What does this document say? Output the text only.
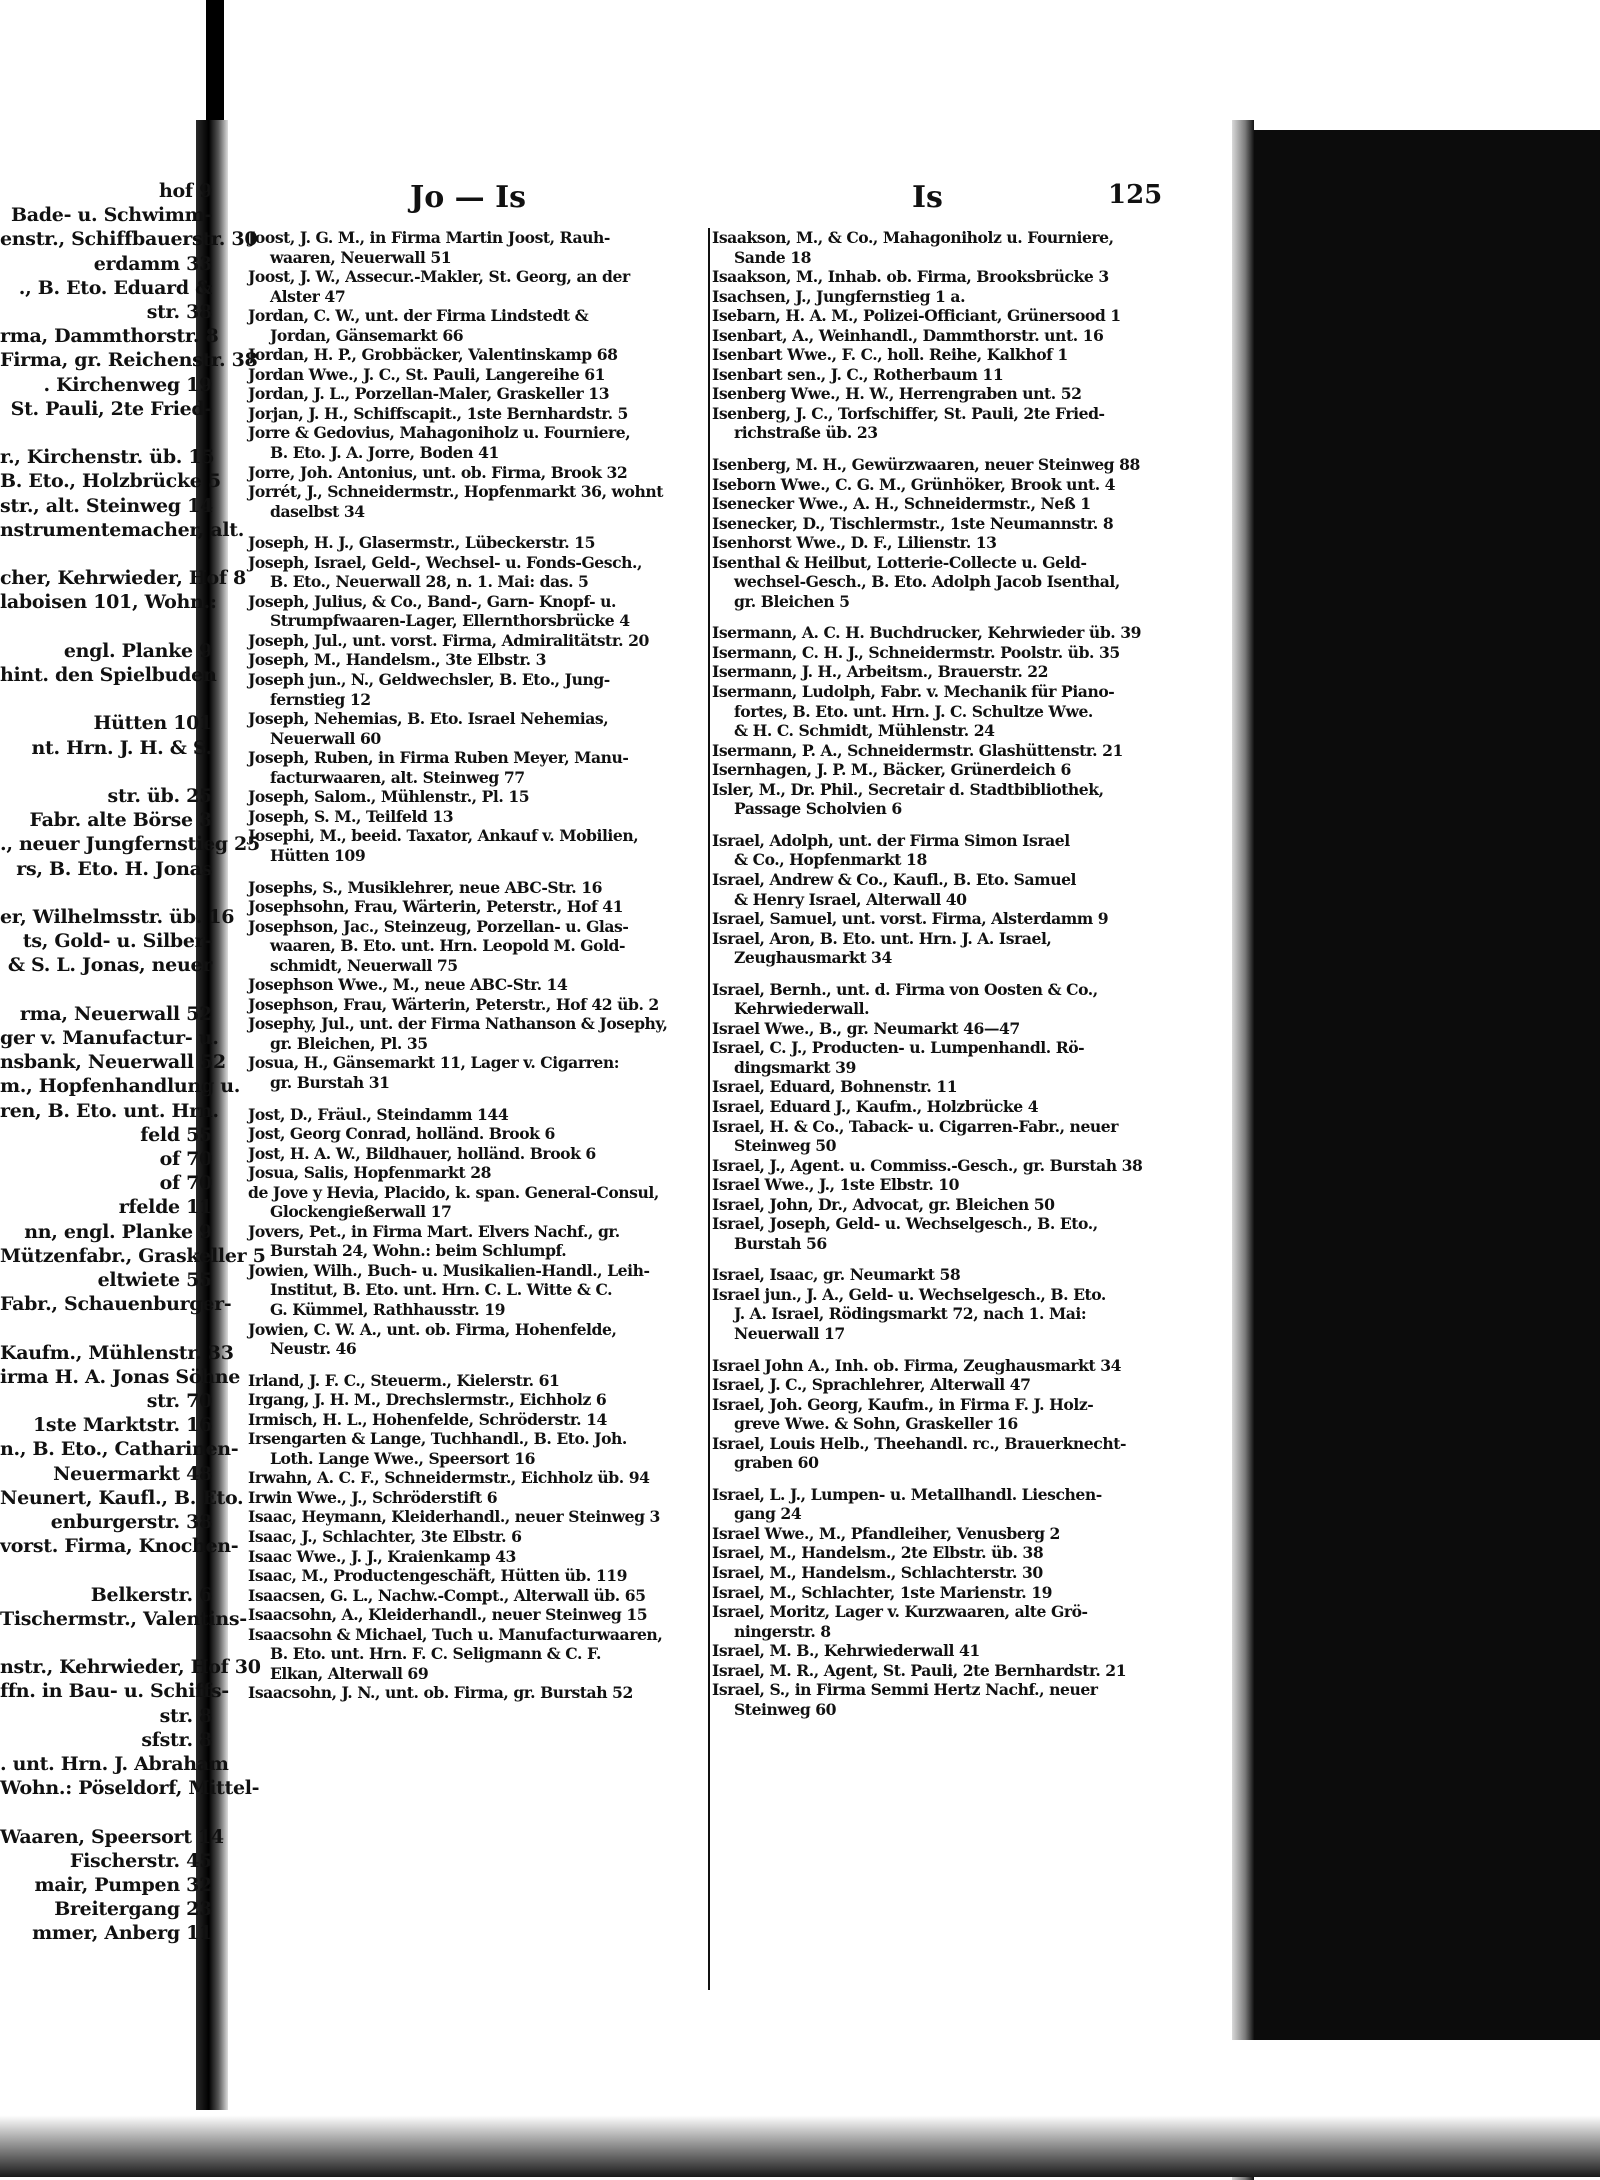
hof 9
Bade- u. Schwimm-
enstr., Schiffbauerstr. 30
erdamm 33
., B. Eto. Eduard &
str. 38
rma, Dammthorstr. 8
Firma, gr. Reichenstr. 38
. Kirchenweg 19
St. Pauli, 2te Fried-
r., Kirchenstr. üb. 15
B. Eto., Holzbrücke 5
str., alt. Steinweg 14
nstrumentemacher, alt.
cher, Kehrwieder, Hof 8
laboisen 101, Wohn.:
engl. Planke 9
hint. den Spielbuden
Hütten 101
nt. Hrn. J. H. & S.
str. üb. 25
Fabr. alte Börse 3
., neuer Jungfernstieg 25
rs, B. Eto. H. Jonas
er, Wilhelmsstr. üb. 16
ts, Gold- u. Silber-
& S. L. Jonas, neuer
rma, Neuerwall 52
ger v. Manufactur- u.
nsbank, Neuerwall 52
m., Hopfenhandlung u.
ren, B. Eto. unt. Hrn.
feld 55
of 70
of 70
rfelde 11
nn, engl. Planke 9
Mützenfabr., Graskeller 5
eltwiete 55
Fabr., Schauenburger-
Kaufm., Mühlenstr. 33
irma H. A. Jonas Söhne
str. 70
1ste Marktstr. 16
n., B. Eto., Catharinen-
Neuermarkt 48
Neunert, Kaufl., B. Eto.
enburgerstr. 38
vorst. Firma, Knochen-
Belkerstr. 6
Tischermstr., Valentins-
nstr., Kehrwieder, Hof 30
ffn. in Bau- u. Schiffs-
str. 8
sfstr. 8
. unt. Hrn. J. Abraham
Wohn.: Pöseldorf, Mittel-
Waaren, Speersort 14
Fischerstr. 45
mair, Pumpen 32
Breitergang 23
mmer, Anberg 11
Jo — Is	Is	125
Joost, J. G. M., in Firma Martin Joost, Rauh-
waaren, Neuerwall 51
Joost, J. W., Assecur.-Makler, St. Georg, an der
Alster 47
Jordan, C. W., unt. der Firma Lindstedt &
Jordan, Gänsemarkt 66
Jordan, H. P., Grobbäcker, Valentinskamp 68
Jordan Wwe., J. C., St. Pauli, Langereihe 61
Jordan, J. L., Porzellan-Maler, Graskeller 13
Jorjan, J. H., Schiffscapit., 1ste Bernhardstr. 5
Jorre & Gedovius, Mahagoniholz u. Fourniere,
B. Eto. J. A. Jorre, Boden 41
Jorre, Joh. Antonius, unt. ob. Firma, Brook 32
Jorrét, J., Schneidermstr., Hopfenmarkt 36, wohnt
daselbst 34
Joseph, H. J., Glasermstr., Lübeckerstr. 15
Joseph, Israel, Geld-, Wechsel- u. Fonds-Gesch.,
B. Eto., Neuerwall 28, n. 1. Mai: das. 5
Joseph, Julius, & Co., Band-, Garn- Knopf- u.
Strumpfwaaren-Lager, Ellernthorsbrücke 4
Joseph, Jul., unt. vorst. Firma, Admiralitätstr. 20
Joseph, M., Handelsm., 3te Elbstr. 3
Joseph jun., N., Geldwechsler, B. Eto., Jung-
fernstieg 12
Joseph, Nehemias, B. Eto. Israel Nehemias,
Neuerwall 60
Joseph, Ruben, in Firma Ruben Meyer, Manu-
facturwaaren, alt. Steinweg 77
Joseph, Salom., Mühlenstr., Pl. 15
Joseph, S. M., Teilfeld 13
Josephi, M., beeid. Taxator, Ankauf v. Mobilien,
Hütten 109
Josephs, S., Musiklehrer, neue ABC-Str. 16
Josephsohn, Frau, Wärterin, Peterstr., Hof 41
Josephson, Jac., Steinzeug, Porzellan- u. Glas-
waaren, B. Eto. unt. Hrn. Leopold M. Gold-
schmidt, Neuerwall 75
Josephson Wwe., M., neue ABC-Str. 14
Josephson, Frau, Wärterin, Peterstr., Hof 42 üb. 2
Josephy, Jul., unt. der Firma Nathanson & Josephy,
gr. Bleichen, Pl. 35
Josua, H., Gänsemarkt 11, Lager v. Cigarren:
gr. Burstah 31
Jost, D., Fräul., Steindamm 144
Jost, Georg Conrad, holländ. Brook 6
Jost, H. A. W., Bildhauer, holländ. Brook 6
Josua, Salis, Hopfenmarkt 28
de Jove y Hevia, Placido, k. span. General-Consul,
Glockengießerwall 17
Jovers, Pet., in Firma Mart. Elvers Nachf., gr.
Burstah 24, Wohn.: beim Schlumpf.
Jowien, Wilh., Buch- u. Musikalien-Handl., Leih-
Institut, B. Eto. unt. Hrn. C. L. Witte & C.
G. Kümmel, Rathhausstr. 19
Jowien, C. W. A., unt. ob. Firma, Hohenfelde,
Neustr. 46
Irland, J. F. C., Steuerm., Kielerstr. 61
Irgang, J. H. M., Drechslermstr., Eichholz 6
Irmisch, H. L., Hohenfelde, Schröderstr. 14
Irsengarten & Lange, Tuchhandl., B. Eto. Joh.
Loth. Lange Wwe., Speersort 16
Irwahn, A. C. F., Schneidermstr., Eichholz üb. 94
Irwin Wwe., J., Schröderstift 6
Isaac, Heymann, Kleiderhandl., neuer Steinweg 3
Isaac, J., Schlachter, 3te Elbstr. 6
Isaac Wwe., J. J., Kraienkamp 43
Isaac, M., Productengeschäft, Hütten üb. 119
Isaacsen, G. L., Nachw.-Compt., Alterwall üb. 65
Isaacsohn, A., Kleiderhandl., neuer Steinweg 15
Isaacsohn & Michael, Tuch u. Manufacturwaaren,
B. Eto. unt. Hrn. F. C. Seligmann & C. F.
Elkan, Alterwall 69
Isaacsohn, J. N., unt. ob. Firma, gr. Burstah 52
Isaakson, M., & Co., Mahagoniholz u. Fourniere,
Sande 18
Isaakson, M., Inhab. ob. Firma, Brooksbrücke 3
Isachsen, J., Jungfernstieg 1 a.
Isebarn, H. A. M., Polizei-Officiant, Grünersood 1
Isenbart, A., Weinhandl., Dammthorstr. unt. 16
Isenbart Wwe., F. C., holl. Reihe, Kalkhof 1
Isenbart sen., J. C., Rotherbaum 11
Isenberg Wwe., H. W., Herrengraben unt. 52
Isenberg, J. C., Torfschiffer, St. Pauli, 2te Fried-
richstraße üb. 23
Isenberg, M. H., Gewürzwaaren, neuer Steinweg 88
Iseborn Wwe., C. G. M., Grünhöker, Brook unt. 4
Isenecker Wwe., A. H., Schneidermstr., Neß 1
Isenecker, D., Tischlermstr., 1ste Neumannstr. 8
Isenhorst Wwe., D. F., Lilienstr. 13
Isenthal & Heilbut, Lotterie-Collecte u. Geld-
wechsel-Gesch., B. Eto. Adolph Jacob Isenthal,
gr. Bleichen 5
Isermann, A. C. H. Buchdrucker, Kehrwieder üb. 39
Isermann, C. H. J., Schneidermstr. Poolstr. üb. 35
Isermann, J. H., Arbeitsm., Brauerstr. 22
Isermann, Ludolph, Fabr. v. Mechanik für Piano-
fortes, B. Eto. unt. Hrn. J. C. Schultze Wwe.
& H. C. Schmidt, Mühlenstr. 24
Isermann, P. A., Schneidermstr. Glashüttenstr. 21
Isernhagen, J. P. M., Bäcker, Grünerdeich 6
Isler, M., Dr. Phil., Secretair d. Stadtbibliothek,
Passage Scholvien 6
Israel, Adolph, unt. der Firma Simon Israel
& Co., Hopfenmarkt 18
Israel, Andrew & Co., Kaufl., B. Eto. Samuel
& Henry Israel, Alterwall 40
Israel, Samuel, unt. vorst. Firma, Alsterdamm 9
Israel, Aron, B. Eto. unt. Hrn. J. A. Israel,
Zeughausmarkt 34
Israel, Bernh., unt. d. Firma von Oosten & Co.,
Kehrwiederwall.
Israel Wwe., B., gr. Neumarkt 46—47
Israel, C. J., Producten- u. Lumpenhandl. Rö-
dingsmarkt 39
Israel, Eduard, Bohnenstr. 11
Israel, Eduard J., Kaufm., Holzbrücke 4
Israel, H. & Co., Taback- u. Cigarren-Fabr., neuer
Steinweg 50
Israel, J., Agent. u. Commiss.-Gesch., gr. Burstah 38
Israel Wwe., J., 1ste Elbstr. 10
Israel, John, Dr., Advocat, gr. Bleichen 50
Israel, Joseph, Geld- u. Wechselgesch., B. Eto.,
Burstah 56
Israel, Isaac, gr. Neumarkt 58
Israel jun., J. A., Geld- u. Wechselgesch., B. Eto.
J. A. Israel, Rödingsmarkt 72, nach 1. Mai:
Neuerwall 17
Israel John A., Inh. ob. Firma, Zeughausmarkt 34
Israel, J. C., Sprachlehrer, Alterwall 47
Israel, Joh. Georg, Kaufm., in Firma F. J. Holz-
greve Wwe. & Sohn, Graskeller 16
Israel, Louis Helb., Theehandl. rc., Brauerknecht-
graben 60
Israel, L. J., Lumpen- u. Metallhandl. Lieschen-
gang 24
Israel Wwe., M., Pfandleiher, Venusberg 2
Israel, M., Handelsm., 2te Elbstr. üb. 38
Israel, M., Handelsm., Schlachterstr. 30
Israel, M., Schlachter, 1ste Marienstr. 19
Israel, Moritz, Lager v. Kurzwaaren, alte Grö-
ningerstr. 8
Israel, M. B., Kehrwiederwall 41
Israel, M. R., Agent, St. Pauli, 2te Bernhardstr. 21
Israel, S., in Firma Semmi Hertz Nachf., neuer
Steinweg 60
